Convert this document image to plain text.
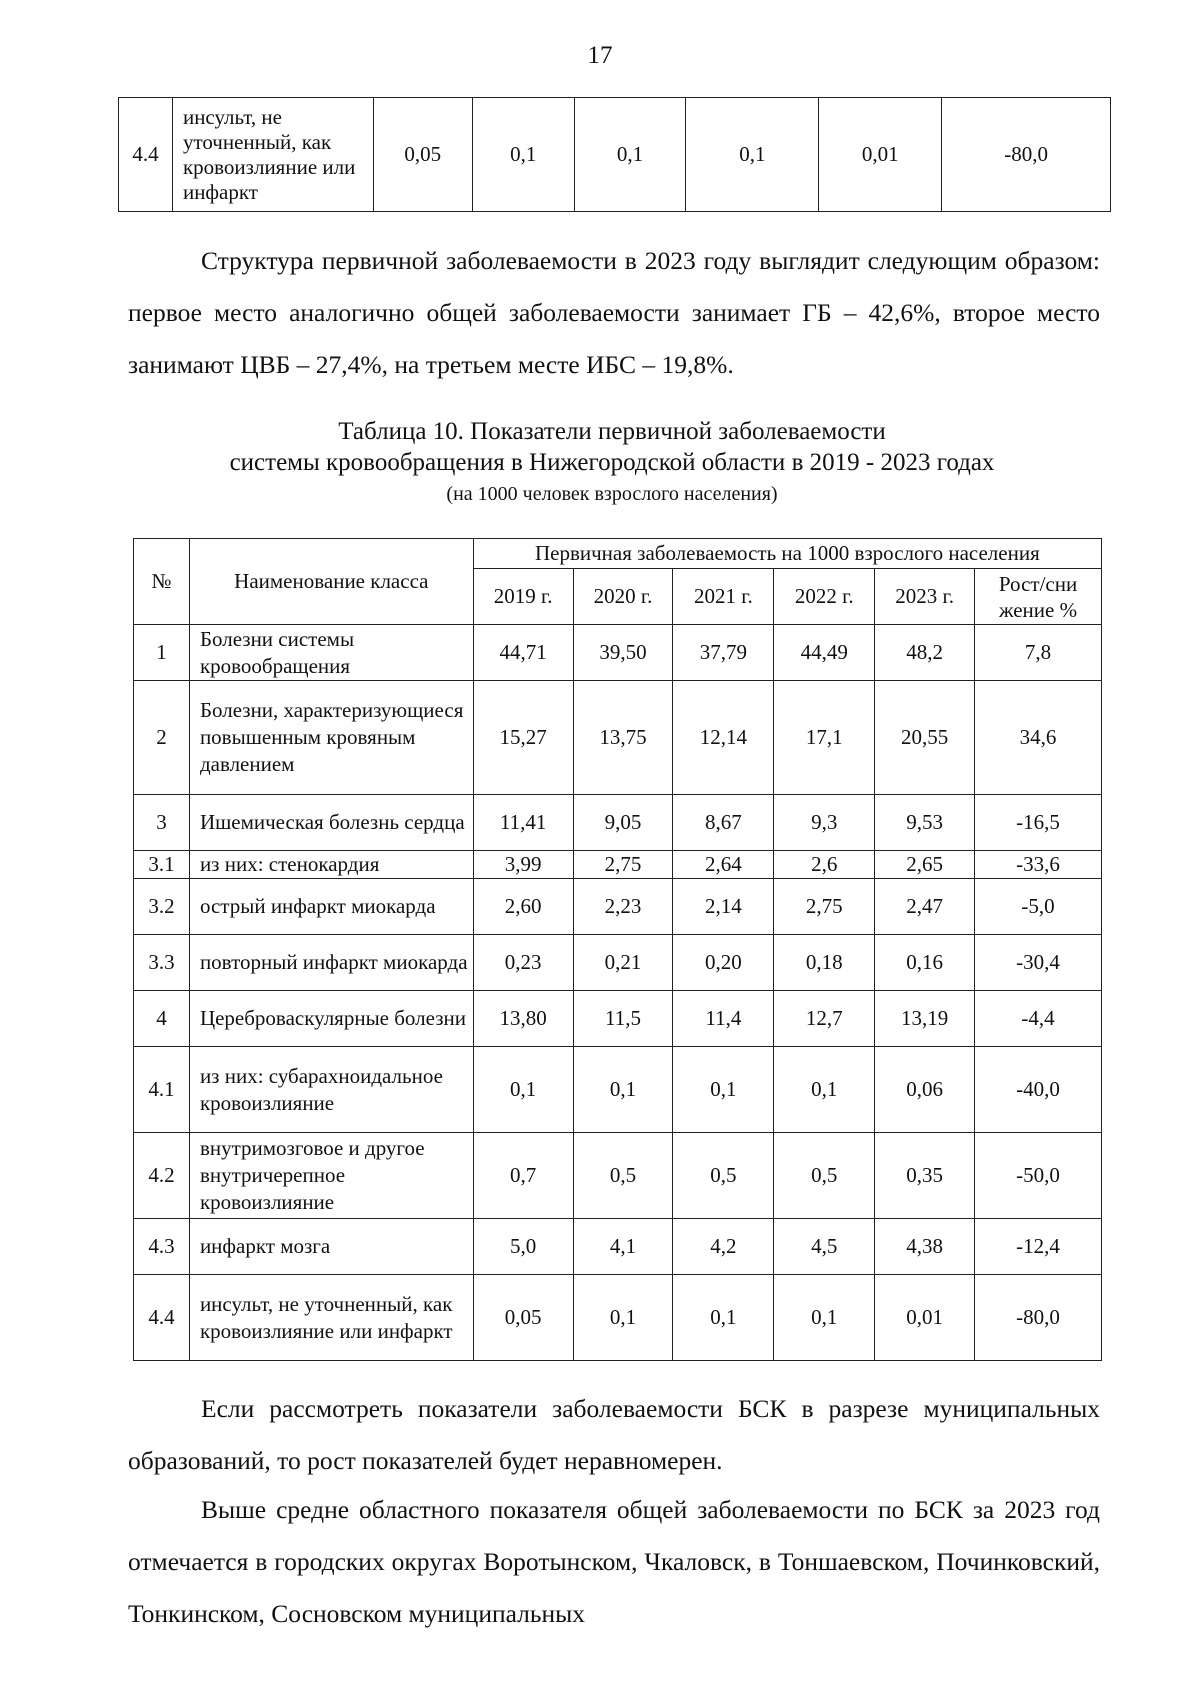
17
4.4	инсульт, не уточненный, как кровоизлияние или инфаркт	0,05	0,1	0,1	0,1	0,01	-80,0
Структура первичной заболеваемости в 2023 году выглядит следующим образом: первое место аналогично общей заболеваемости занимает ГБ – 42,6%, второе место занимают ЦВБ – 27,4%, на третьем месте ИБС – 19,8%.
Таблица 10. Показатели первичной заболеваемости
системы кровообращения в Нижегородской области в 2019 - 2023 годах
(на 1000 человек взрослого населения)
№	Наименование класса	Первичная заболеваемость на 1000 взрослого населения					
		2019 г.	2020 г.	2021 г.	2022 г.	2023 г.	Рост/сни жение %
1	Болезни системы кровообращения	44,71	39,50	37,79	44,49	48,2	7,8
2	Болезни, характеризующиеся повышенным кровяным давлением	15,27	13,75	12,14	17,1	20,55	34,6
3	Ишемическая болезнь сердца	11,41	9,05	8,67	9,3	9,53	-16,5
3.1	из них: стенокардия	3,99	2,75	2,64	2,6	2,65	-33,6
3.2	острый инфаркт миокарда	2,60	2,23	2,14	2,75	2,47	-5,0
3.3	повторный инфаркт миокарда	0,23	0,21	0,20	0,18	0,16	-30,4
4	Цереброваскулярные болезни	13,80	11,5	11,4	12,7	13,19	-4,4
4.1	из них: субарахноидальное кровоизлияние	0,1	0,1	0,1	0,1	0,06	-40,0
4.2	внутримозговое и другое внутричерепное кровоизлияние	0,7	0,5	0,5	0,5	0,35	-50,0
4.3	инфаркт мозга	5,0	4,1	4,2	4,5	4,38	-12,4
4.4	инсульт, не уточненный, как кровоизлияние или инфаркт	0,05	0,1	0,1	0,1	0,01	-80,0
Если рассмотреть показатели заболеваемости БСК в разрезе муниципальных образований, то рост показателей будет неравномерен.
Выше средне областного показателя общей заболеваемости по БСК за 2023 год отмечается в городских округах Воротынском, Чкаловск, в Тоншаевском, Починковский, Тонкинском, Сосновском муниципальных
